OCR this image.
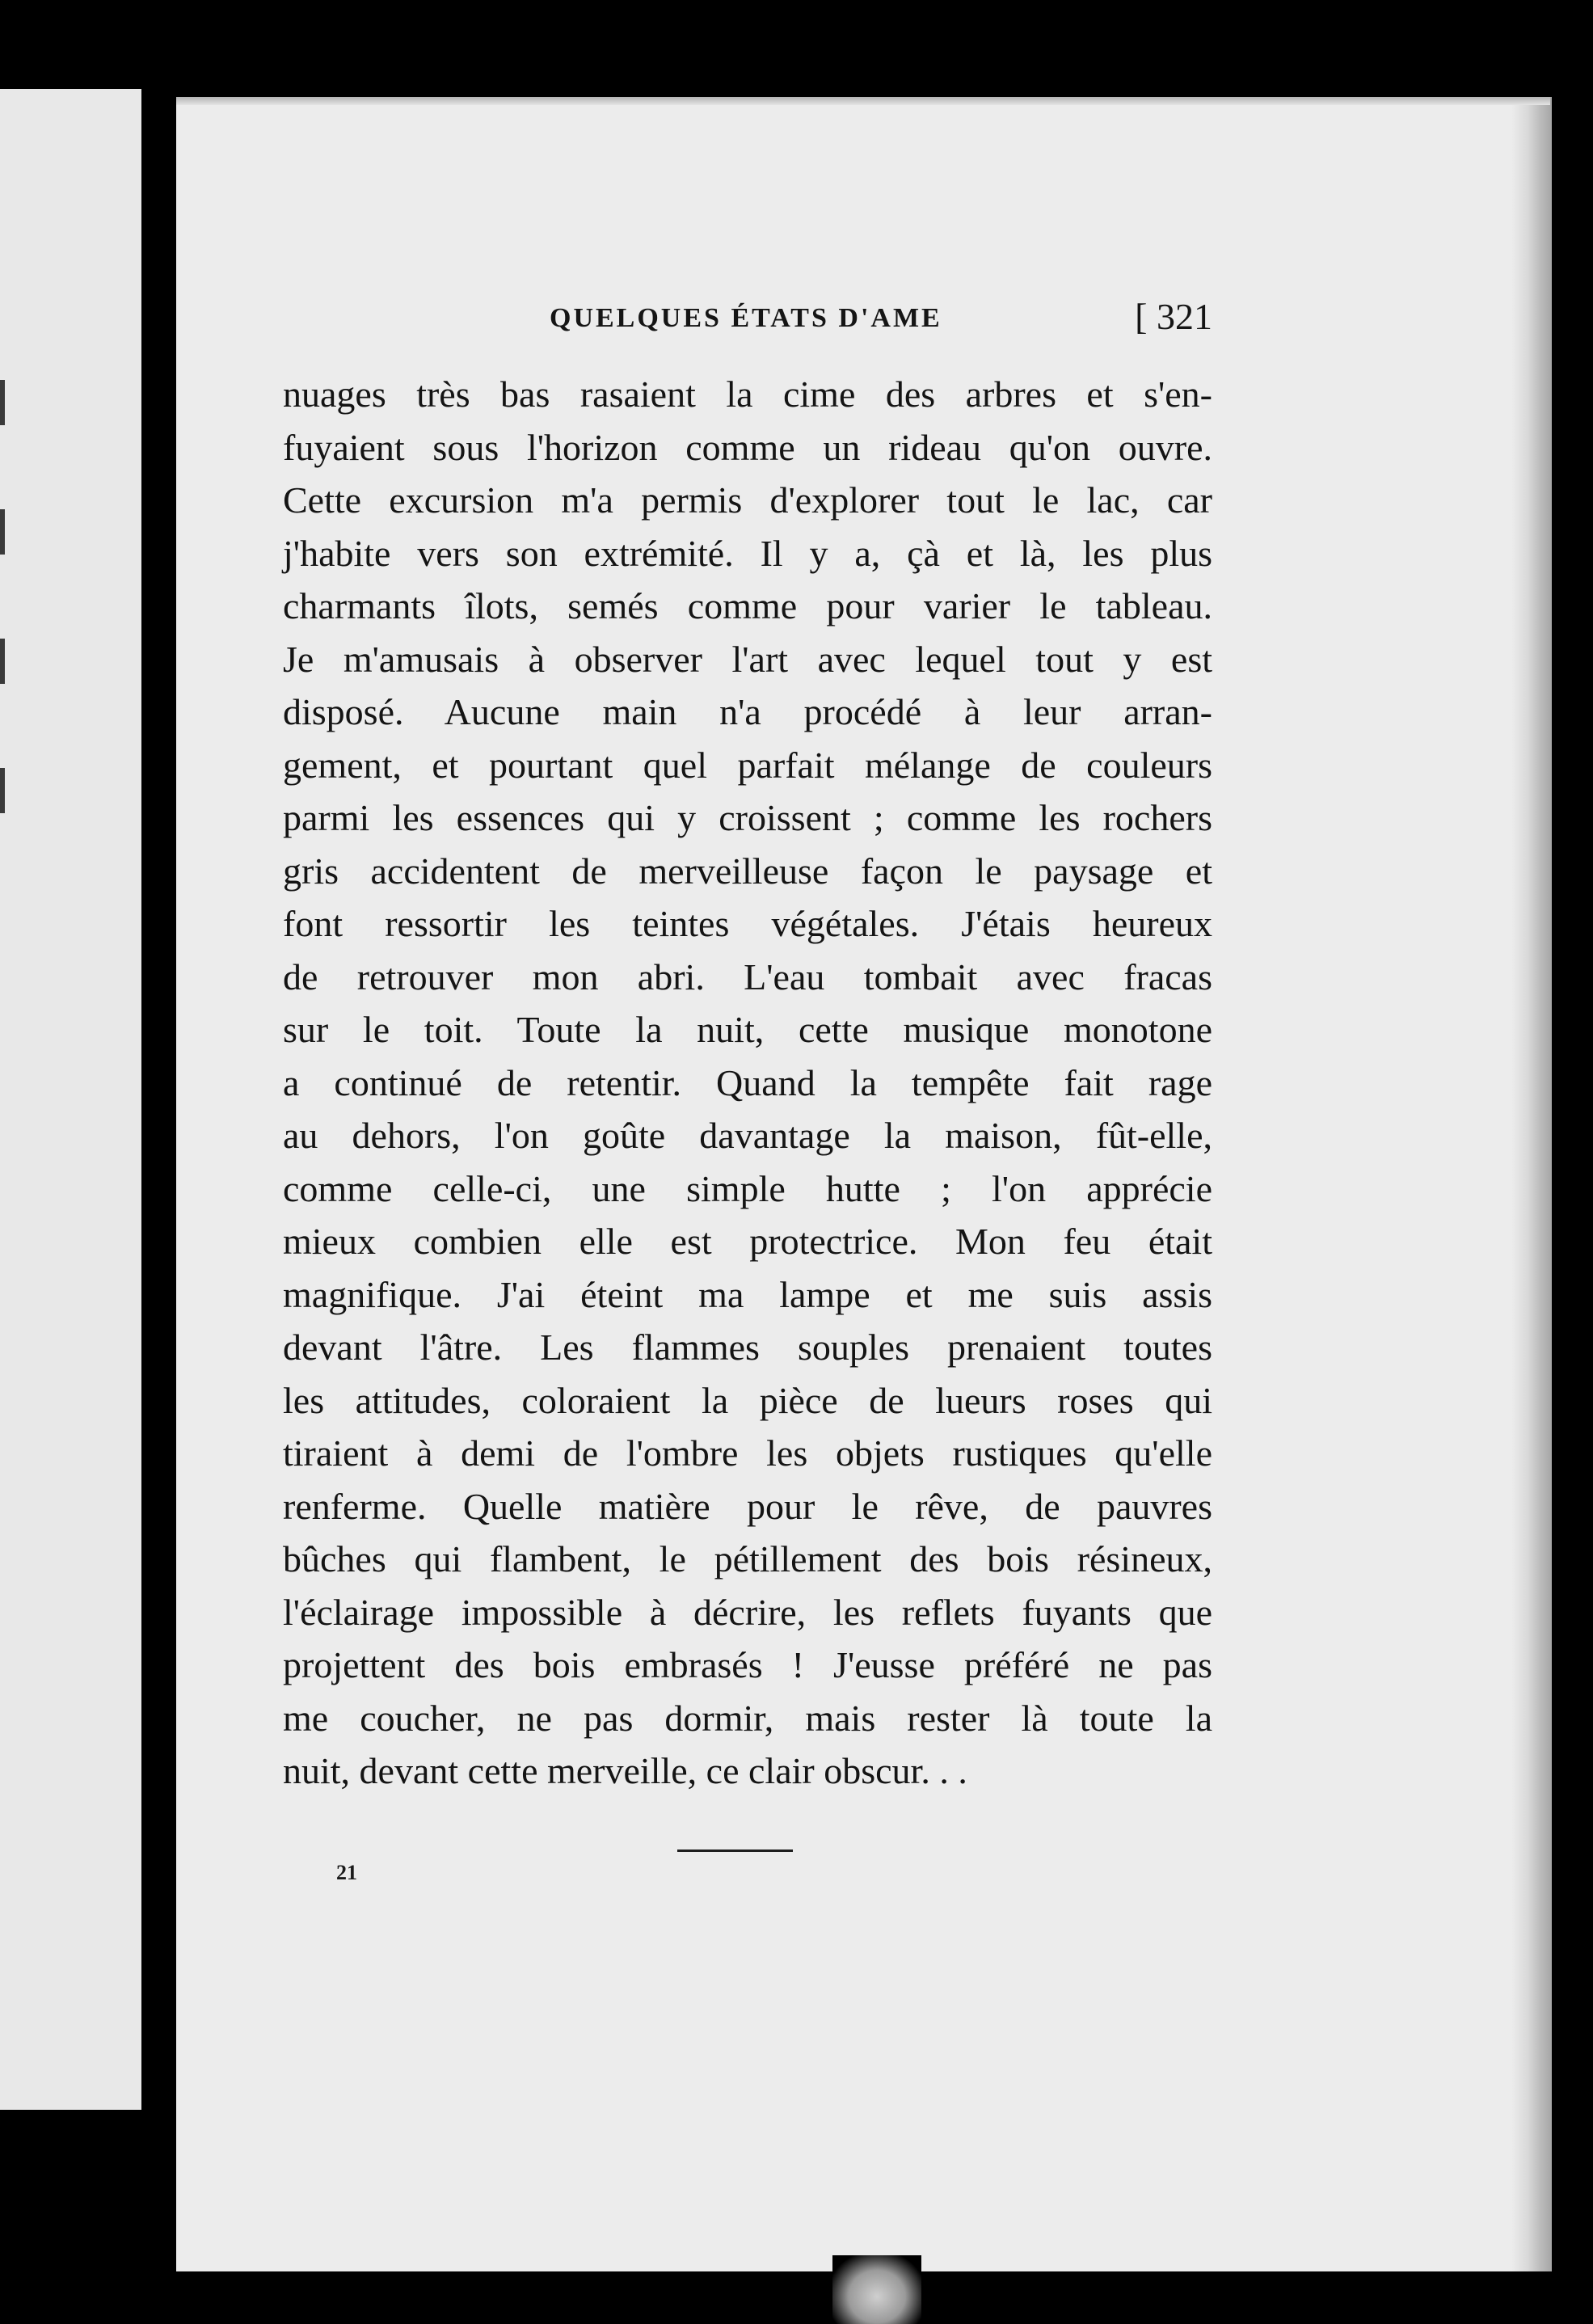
QUELQUES ÉTATS D'AME	[ 321
nuages très bas rasaient la cime des arbres et s'en-
fuyaient sous l'horizon comme un rideau qu'on ouvre.
Cette excursion m'a permis d'explorer tout le lac, car
j'habite vers son extrémité. Il y a, çà et là, les plus
charmants îlots, semés comme pour varier le tableau.
Je m'amusais à observer l'art avec lequel tout y est
disposé. Aucune main n'a procédé à leur arran-
gement, et pourtant quel parfait mélange de couleurs
parmi les essences qui y croissent ; comme les rochers
gris accidentent de merveilleuse façon le paysage et
font ressortir les teintes végétales. J'étais heureux
de retrouver mon abri. L'eau tombait avec fracas
sur le toit. Toute la nuit, cette musique monotone
a continué de retentir. Quand la tempête fait rage
au dehors, l'on goûte davantage la maison, fût-elle,
comme celle-ci, une simple hutte ; l'on apprécie
mieux combien elle est protectrice. Mon feu était
magnifique. J'ai éteint ma lampe et me suis assis
devant l'âtre. Les flammes souples prenaient toutes
les attitudes, coloraient la pièce de lueurs roses qui
tiraient à demi de l'ombre les objets rustiques qu'elle
renferme. Quelle matière pour le rêve, de pauvres
bûches qui flambent, le pétillement des bois résineux,
l'éclairage impossible à décrire, les reflets fuyants que
projettent des bois embrasés ! J'eusse préféré ne pas
me coucher, ne pas dormir, mais rester là toute la
nuit, devant cette merveille, ce clair obscur. . .
21
